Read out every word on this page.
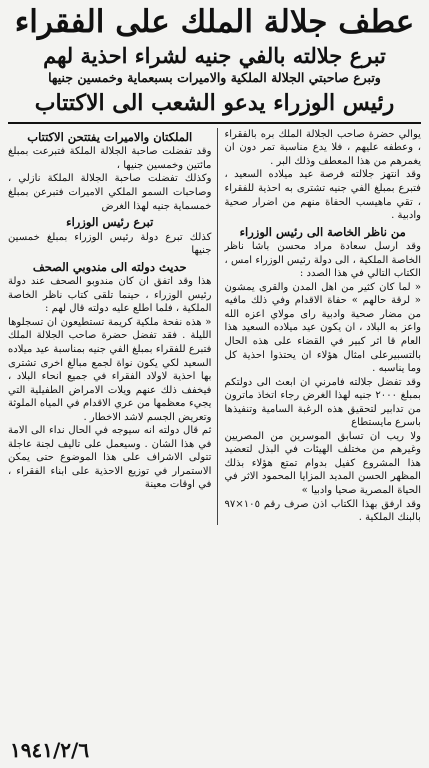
عطف جلالة الملك على الفقراء
تبرع جلالته بالفي جنيه لشراء احذية لهم
وتبرع صاحبتي الجلالة الملكية والاميرات بسبعماية وخمسين جنيها
رئيس الوزراء يدعو الشعب الى الاكتتاب

يوالي حضرة صاحب الجلالة الملك بره بالفقراء ، وعطفه عليهم ، فلا يدع مناسبة تمر دون ان يغمرهم من هذا المعطف وذلك البر .

وقد انتهز جلالته فرصة عيد ميلاده السعيد ، فتبرع بمبلغ الفي جنيه تشترى به احذية للفقراء ، تقي ماهيسب الحفاة منهم من اضرار صحية وادبية .

من ناظر الخاصة الى رئيس الوزراء

وقد ارسل سعادة مراد محسن باشا ناظر الخاصة الملكية ، الى دولة رئيس الوزراء امس ، الكتاب التالي في هذا الصدد :

« لما كان كثير من اهل المدن والقرى يمشون « لرقة حالهم » حفاة الاقدام وفي ذلك مافيه من مضار صحية وادبية راى مولاي اعزه الله واعز به البلاد ، ان يكون عيد ميلاده السعيد هذا العام قا اثر كبير في القضاء على هذه الحال بالتسبيرعلى امثال هؤلاء ان يحتذوا احذية كل وما يناسبه .

وقد تفضل جلالته فامرني ان ابعث الى دولتكم بمبلغ ٢٠٠٠ جنيه لهذا الغرض رجاء اتخاذ ماترون من تدابير لتحقيق هذه الرغبة السامية وتنفيذها باسرع مايستطاع

ولا ريب ان تسابق الموسرين من المصريين وغيرهم من مختلف الهيئات في البذل لتعضيد هذا المشروع كفيل بدوام تمتع هؤلاء بذلك المظهر الحسن المديد المزايا المحمود الاثر في الحياة المصرية صحيا وادبيا »

وقد ارفق بهذا الكتاب اذن صرف رقم ١٠٥×٩٧ بالبنك الملكية .

الملكتان والاميرات يفتتحن الاكتتاب

وقد تفضلت صاحبة الجلالة الملكة فتبرعت بمبلغ مائتين وخمسين جنيها ،

وكذلك تفضلت صاحبة الجلالة الملكة نازلي ، وصاحبات السمو الملكي الاميرات فتبرعن بمبلغ خمسماية جنيه لهذا الغرض

تبرع رئيس الوزراء

كذلك تبرع دولة رئيس الوزراء بمبلغ خمسين جنيها

حديث دولته الى مندوبي الصحف

هذا وقد اتفق ان كان مندوبو الصحف عند دولة رئيس الوزراء ، حينما تلقى كتاب ناظر الخاصة الملكية ، فلما اطلع عليه دولته قال لهم :

« هذه نفحة ملكية كريمة تستطيعون ان تسجلوها الليلة . فقد تفضل حضرة صاحب الجلالة الملك فتبرع للفقراء بمبلغ الفي جنيه بمناسبة عيد ميلاده السعيد لكي يكون نواة لجمع مبالغ اخرى تشترى بها احذية لاولاد الفقراء في جميع انحاء البلاد ، فيخفف ذلك عنهم ويلات الامراض الطفيلية التي يجيء معظمها من عري الاقدام في المياه الملوثة وتعريض الجسم لاشد الاخطار .

ثم قال دولته انه سيوجه في الحال نداء الى الامة في هذا الشان . وسيعمل على تاليف لجنة عاجلة تتولى الاشراف على هذا الموضوع حتى يمكن الاستمرار في توزيع الاحذية على ابناء الفقراء ، في اوقات معينة

١٩٤١/٢/٦
